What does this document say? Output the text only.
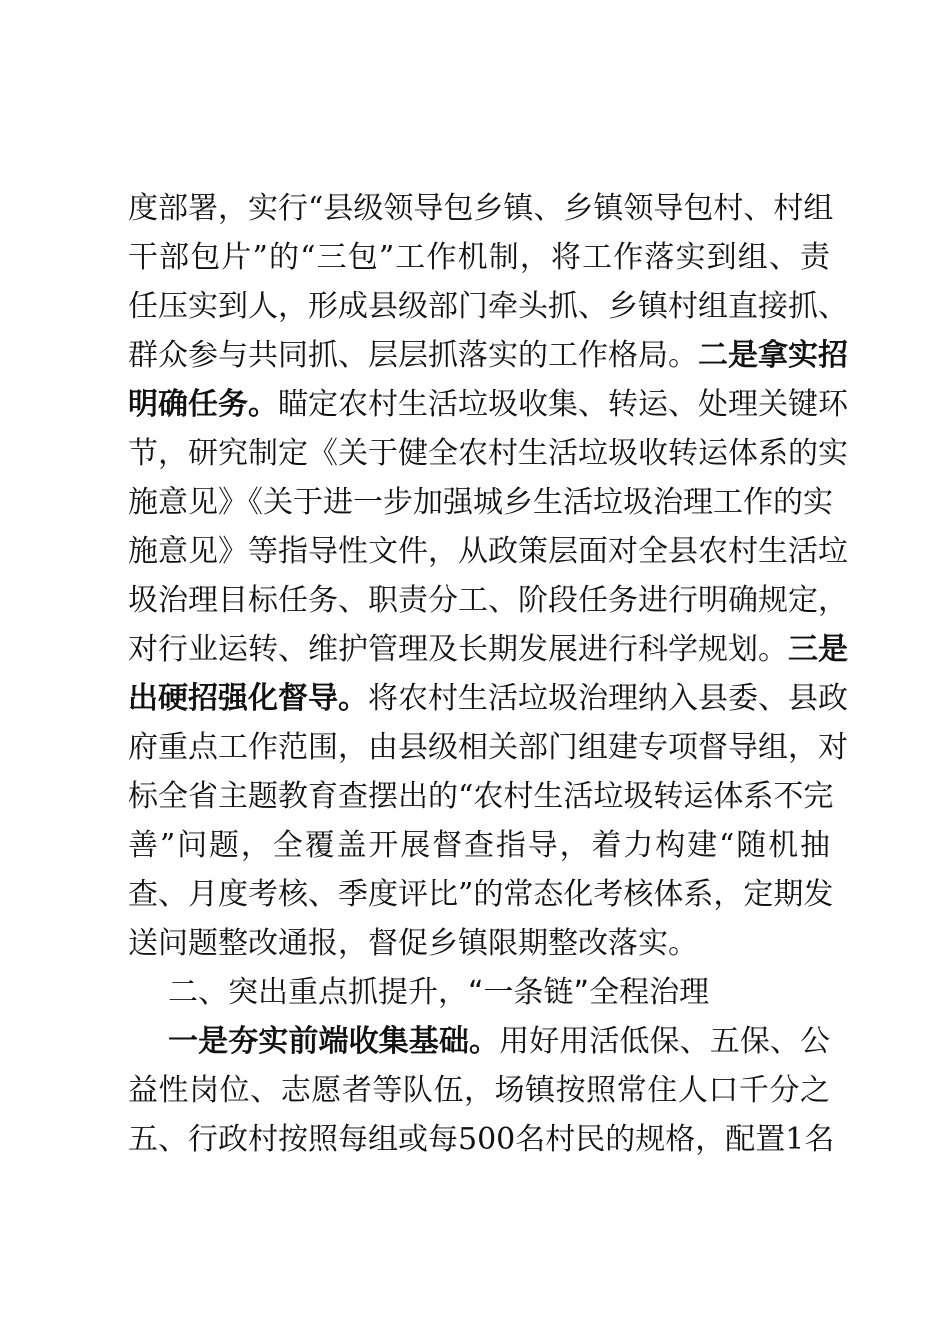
度部署，实行“县级领导包乡镇、乡镇领导包村、村组
干部包片”的“三包”工作机制，将工作落实到组、责
任压实到人，形成县级部门牵头抓、乡镇村组直接抓、
群众参与共同抓、层层抓落实的工作格局。二是拿实招
明确任务。瞄定农村生活垃圾收集、转运、处理关键环
节，研究制定《关于健全农村生活垃圾收转运体系的实
施意见》《关于进一步加强城乡生活垃圾治理工作的实
施意见》等指导性文件，从政策层面对全县农村生活垃
圾治理目标任务、职责分工、阶段任务进行明确规定，
对行业运转、维护管理及长期发展进行科学规划。三是
出硬招强化督导。将农村生活垃圾治理纳入县委、县政
府重点工作范围，由县级相关部门组建专项督导组，对
标全省主题教育查摆出的“农村生活垃圾转运体系不完
善”问题，全覆盖开展督查指导，着力构建“随机抽
查、月度考核、季度评比”的常态化考核体系，定期发
送问题整改通报，督促乡镇限期整改落实。
二、突出重点抓提升，“一条链”全程治理
一是夯实前端收集基础。用好用活低保、五保、公
益性岗位、志愿者等队伍，场镇按照常住人口千分之
五、行政村按照每组或每500名村民的规格，配置1名
